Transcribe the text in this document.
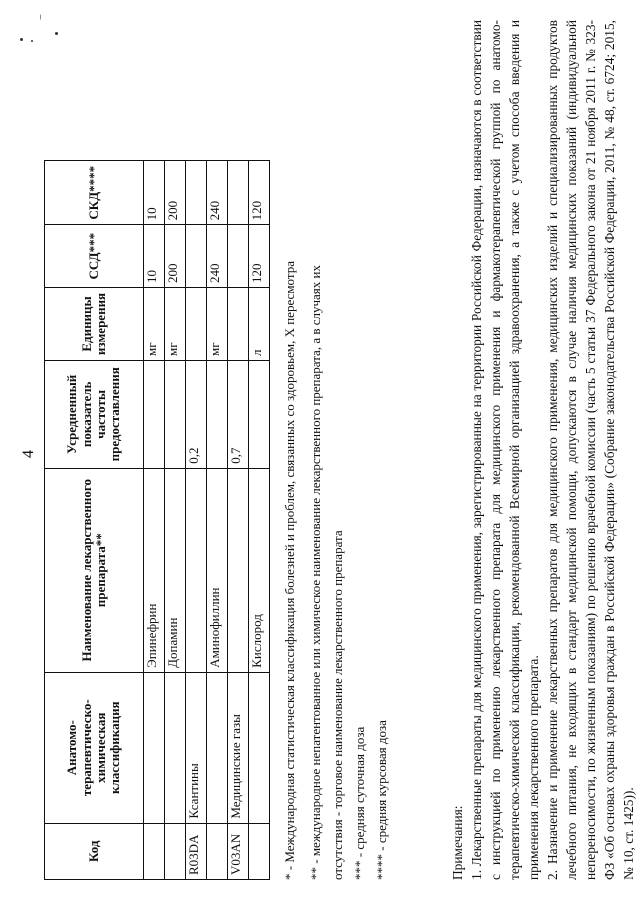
Код	Анатомо-терапевтическо-химическая классификация	Наименование лекарственного препарата**	Усредненный показатель частоты предоставления	Единицы измерения	ССД***	СКД****
		Эпинефрин		мг	10	10
		Допамин		мг	200	200
R03DA	Ксантины		0,2			
		Аминофиллин		мг	240	240
V03AN	Медицинские газы		0,7			
		Кислород		л	120	120
* - Международная статистическая классификация болезней и проблем, связанных со здоровьем, X пересмотра ** - международное непатентованное или химическое наименование лекарственного препарата, а в случаях их отсутствия - торговое наименование лекарственного препарата *** - средняя суточная доза **** - средняя курсовая доза	Примечания: 1. Лекарственные препараты для медицинского применения, зарегистрированные на территории Российской Федерации, назначаются в соответствии с инструкцией по применению лекарственного препарата для медицинского применения и фармакотерапевтической группой по анатомо-терапевтическо-химической классификации, рекомендованной Всемирной организацией здравоохранения, а также с учетом способа введения и применения лекарственного препарата. 2. Назначение и применение лекарственных препаратов для медицинского применения, медицинских изделий и специализированных продуктов лечебного питания, не входящих в стандарт медицинской помощи, допускаются в случае наличия медицинских показаний (индивидуальной непереносимости, по жизненным показаниям) по решению врачебной комиссии (часть 5 статьи 37 Федерального закона от 21 ноября 2011 г. № 323-ФЗ «Об основах охраны здоровья граждан в Российской Федерации» (Собрание законодательства Российской Федерации, 2011, № 48, ст. 6724; 2015, № 10, ст. 1425)).

4
